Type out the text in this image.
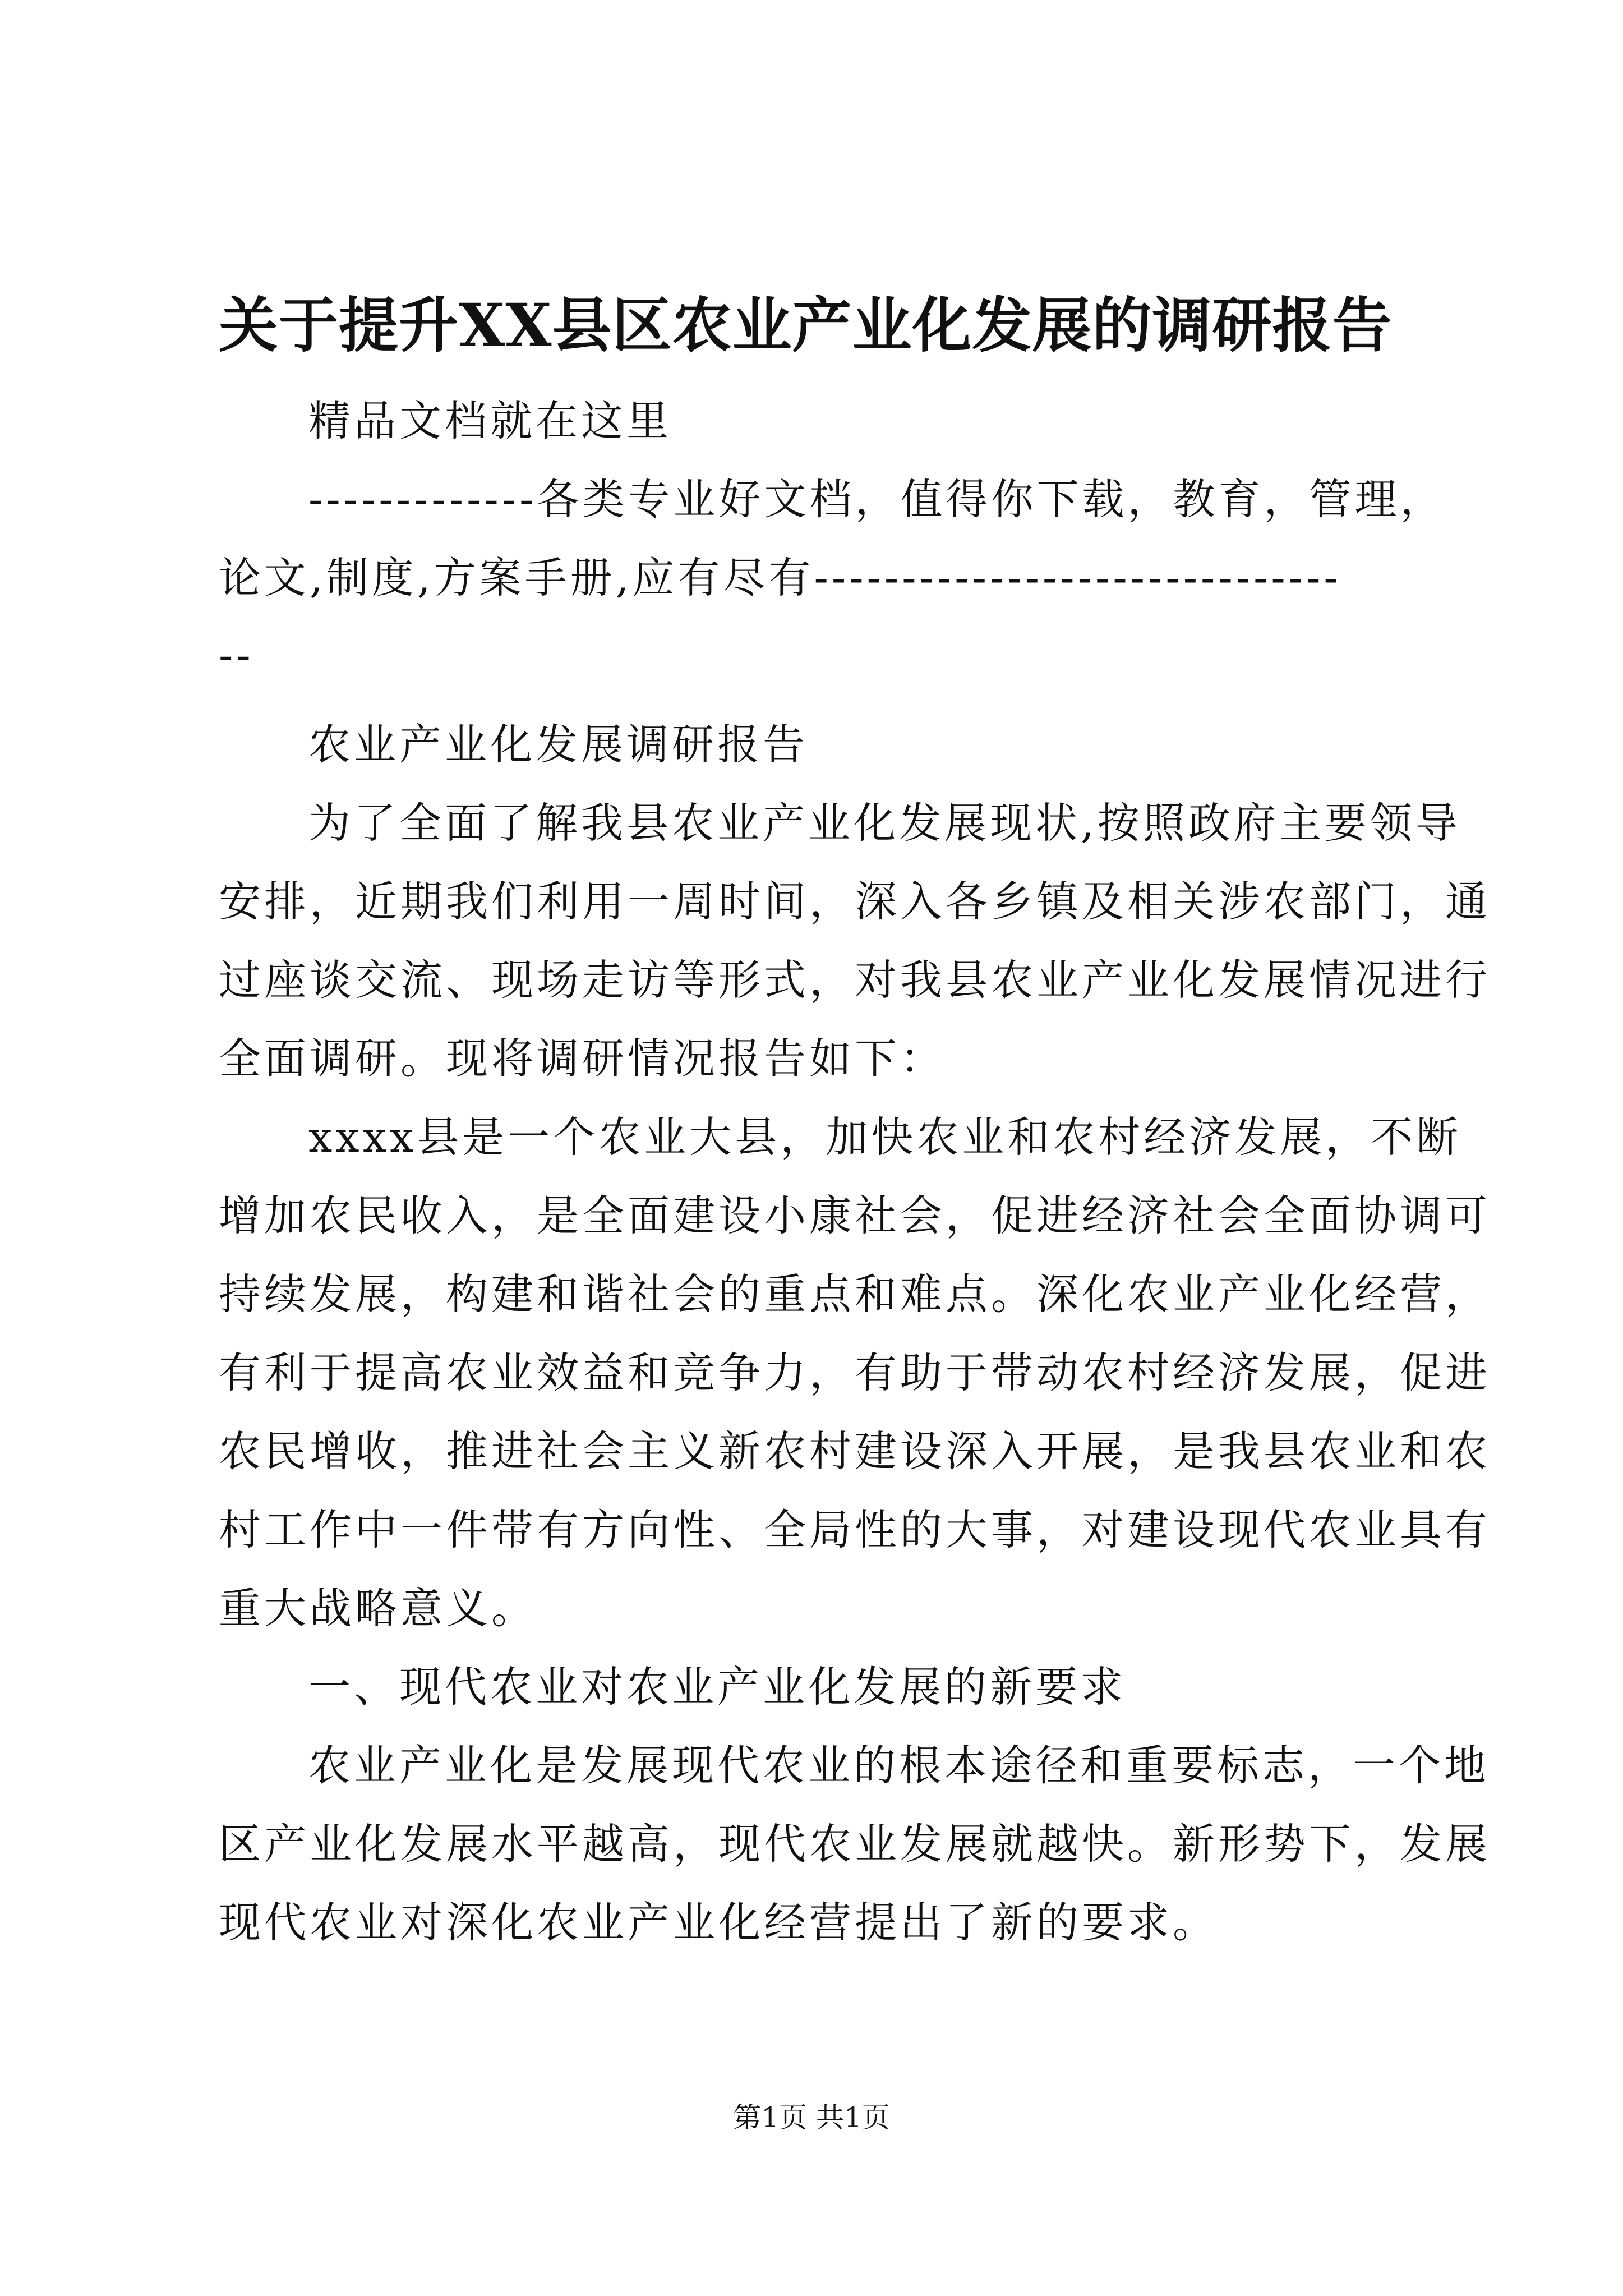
关于提升XX县区农业产业化发展的调研报告
精品文档就在这里
-------------各类专业好文档，值得你下载，教育，管理，
论文,制度,方案手册,应有尽有------------------------------
--
农业产业化发展调研报告
为了全面了解我县农业产业化发展现状,按照政府主要领导
安排，近期我们利用一周时间，深入各乡镇及相关涉农部门，通
过座谈交流、现场走访等形式，对我县农业产业化发展情况进行
全面调研。现将调研情况报告如下：
xxxx县是一个农业大县，加快农业和农村经济发展，不断
增加农民收入，是全面建设小康社会，促进经济社会全面协调可
持续发展，构建和谐社会的重点和难点。深化农业产业化经营，
有利于提高农业效益和竞争力，有助于带动农村经济发展，促进
农民增收，推进社会主义新农村建设深入开展，是我县农业和农
村工作中一件带有方向性、全局性的大事，对建设现代农业具有
重大战略意义。
一、现代农业对农业产业化发展的新要求
农业产业化是发展现代农业的根本途径和重要标志，一个地
区产业化发展水平越高，现代农业发展就越快。新形势下，发展
现代农业对深化农业产业化经营提出了新的要求。
第1页 共1页
